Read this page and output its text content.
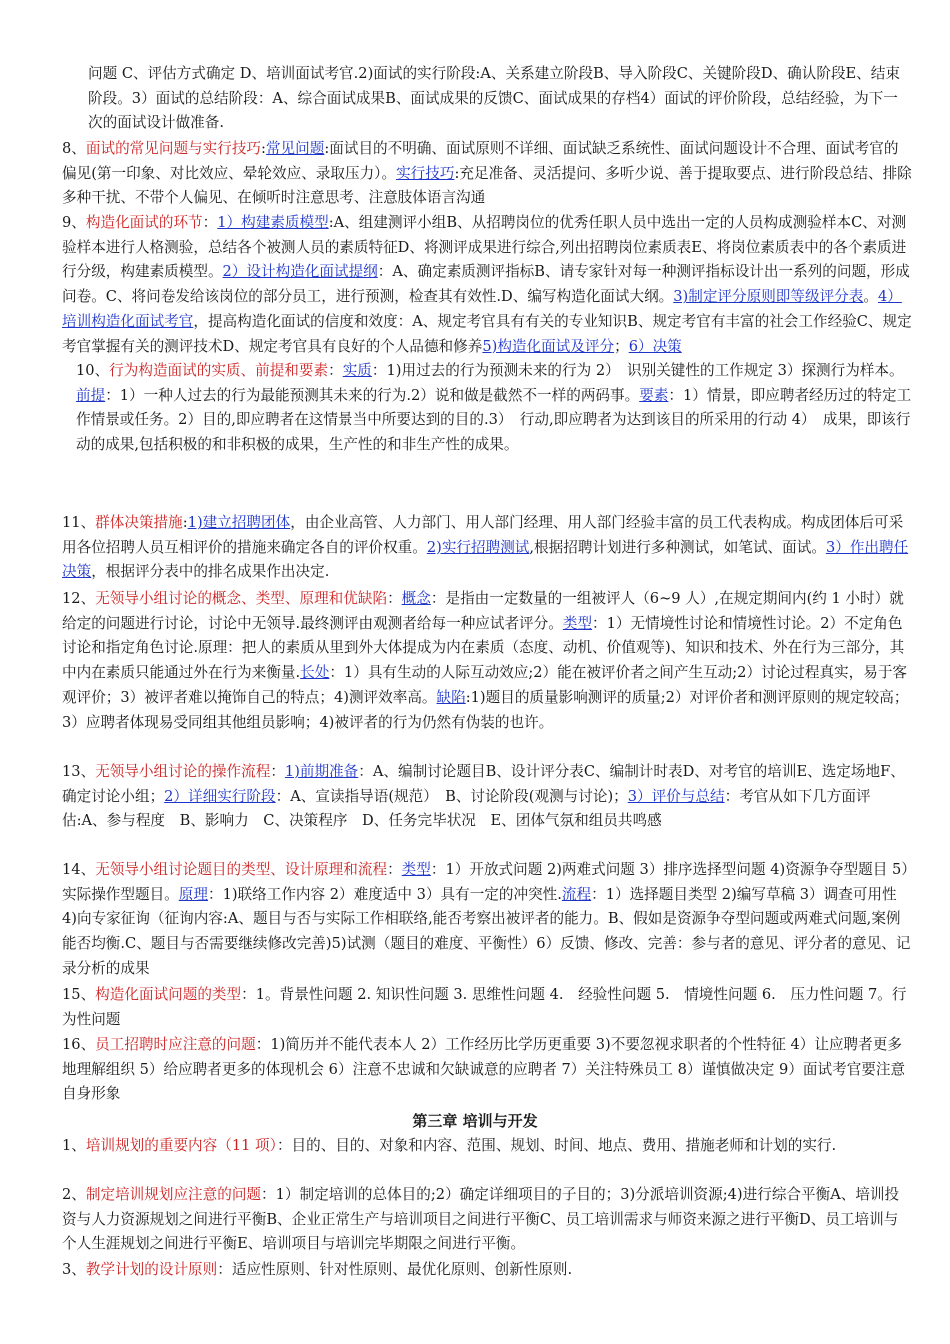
问题 C、评估方式确定 D、培训面试考官.2)面试的实行阶段:A、关系建立阶段B、导入阶段C、关键阶段D、确认阶段E、结束阶段。3）面试的总结阶段：A、综合面试成果B、面试成果的反馈C、面试成果的存档4）面试的评价阶段，总结经验，为下一次的面试设计做准备.

8、面试的常见问题与实行技巧:常见问题:面试目的不明确、面试原则不详细、面试缺乏系统性、面试问题设计不合理、面试考官的偏见(第一印象、对比效应、晕轮效应、录取压力）。实行技巧:充足准备、灵活提问、多听少说、善于提取要点、进行阶段总结、排除多种干扰、不带个人偏见、在倾听时注意思考、注意肢体语言沟通

9、构造化面试的环节：1）构建素质模型:A、组建测评小组B、从招聘岗位的优秀任职人员中选出一定的人员构成测验样本C、对测验样本进行人格测验，总结各个被测人员的素质特征D、将测评成果进行综合,列出招聘岗位素质表E、将岗位素质表中的各个素质进行分级，构建素质模型。2）设计构造化面试提纲：A、确定素质测评指标B、请专家针对每一种测评指标设计出一系列的问题，形成问卷。C、将问卷发给该岗位的部分员工，进行预测，检查其有效性.D、编写构造化面试大纲。3)制定评分原则即等级评分表。4）培训构造化面试考官，提高构造化面试的信度和效度：A、规定考官具有有关的专业知识B、规定考官有丰富的社会工作经验C、规定考官掌握有关的测评技术D、规定考官具有良好的个人品德和修养5)构造化面试及评分；6）决策

10、行为构造面试的实质、前提和要素：实质：1)用过去的行为预测未来的行为 2）　识别关键性的工作规定 3）探测行为样本。前提：1）一种人过去的行为最能预测其未来的行为.2）说和做是截然不一样的两码事。要素：1）情景，即应聘者经历过的特定工作情景或任务。2）目的,即应聘者在这情景当中所要达到的目的.3）　行动,即应聘者为达到该目的所采用的行动 4）　成果，即该行动的成果,包括积极的和非积极的成果，生产性的和非生产性的成果。

11、群体决策措施:1)建立招聘团体，由企业高管、人力部门、用人部门经理、用人部门经验丰富的员工代表构成。构成团体后可采用各位招聘人员互相评价的措施来确定各自的评价权重。2)实行招聘测试,根据招聘计划进行多种测试，如笔试、面试。3）作出聘任决策，根据评分表中的排名成果作出决定.

12、无领导小组讨论的概念、类型、原理和优缺陷：概念：是指由一定数量的一组被评人（6~9 人）,在规定期间内(约 1 小时）就给定的问题进行讨论，讨论中无领导.最终测评由观测者给每一种应试者评分。类型：1）无情境性讨论和情境性讨论。2）不定角色讨论和指定角色讨论.原理：把人的素质从里到外大体提成为内在素质（态度、动机、价值观等)、知识和技术、外在行为三部分，其中内在素质只能通过外在行为来衡量.长处：1）具有生动的人际互动效应;2）能在被评价者之间产生互动;2）讨论过程真实，易于客观评价；3）被评者难以掩饰自己的特点；4)测评效率高。缺陷:1)题目的质量影响测评的质量;2）对评价者和测评原则的规定较高；3）应聘者体现易受同组其他组员影响；4)被评者的行为仍然有伪装的也许。

13、无领导小组讨论的操作流程：1)前期准备：A、编制讨论题目B、设计评分表C、编制计时表D、对考官的培训E、选定场地F、确定讨论小组；2）详细实行阶段：A、宣读指导语(规范）　B、讨论阶段(观测与讨论)；3）评价与总结：考官从如下几方面评估:A、参与程度　B、影响力　C、决策程序　D、任务完毕状况　E、团体气氛和组员共鸣感

14、无领导小组讨论题目的类型、设计原理和流程：类型：1）开放式问题 2)两难式问题 3）排序选择型问题 4)资源争夺型题目 5）实际操作型题目。原理：1)联络工作内容 2）难度适中 3）具有一定的冲突性.流程：1）选择题目类型 2)编写草稿 3）调查可用性 4)向专家征询（征询内容:A、题目与否与实际工作相联络,能否考察出被评者的能力。B、假如是资源争夺型问题或两难式问题,案例能否均衡.C、题目与否需要继续修改完善)5)试测（题目的难度、平衡性）6）反馈、修改、完善：参与者的意见、评分者的意见、记录分析的成果

15、构造化面试问题的类型：1。背景性问题 2. 知识性问题 3. 思维性问题 4.　经验性问题 5.　情境性问题 6.　压力性问题 7。行为性问题

16、员工招聘时应注意的问题：1)简历并不能代表本人 2）工作经历比学历更重要 3)不要忽视求职者的个性特征 4）让应聘者更多地理解组织 5）给应聘者更多的体现机会 6）注意不忠诚和欠缺诚意的应聘者 7）关注特殊员工 8）谨慎做决定 9）面试考官要注意自身形象

第三章 培训与开发

1、培训规划的重要内容（11 项）：目的、目的、对象和内容、范围、规划、时间、地点、费用、措施老师和计划的实行.

2、制定培训规划应注意的问题：1）制定培训的总体目的;2）确定详细项目的子目的；3)分派培训资源;4)进行综合平衡A、培训投资与人力资源规划之间进行平衡B、企业正常生产与培训项目之间进行平衡C、员工培训需求与师资来源之进行平衡D、员工培训与个人生涯规划之间进行平衡E、培训项目与培训完毕期限之间进行平衡。

3、教学计划的设计原则：适应性原则、针对性原则、最优化原则、创新性原则.
